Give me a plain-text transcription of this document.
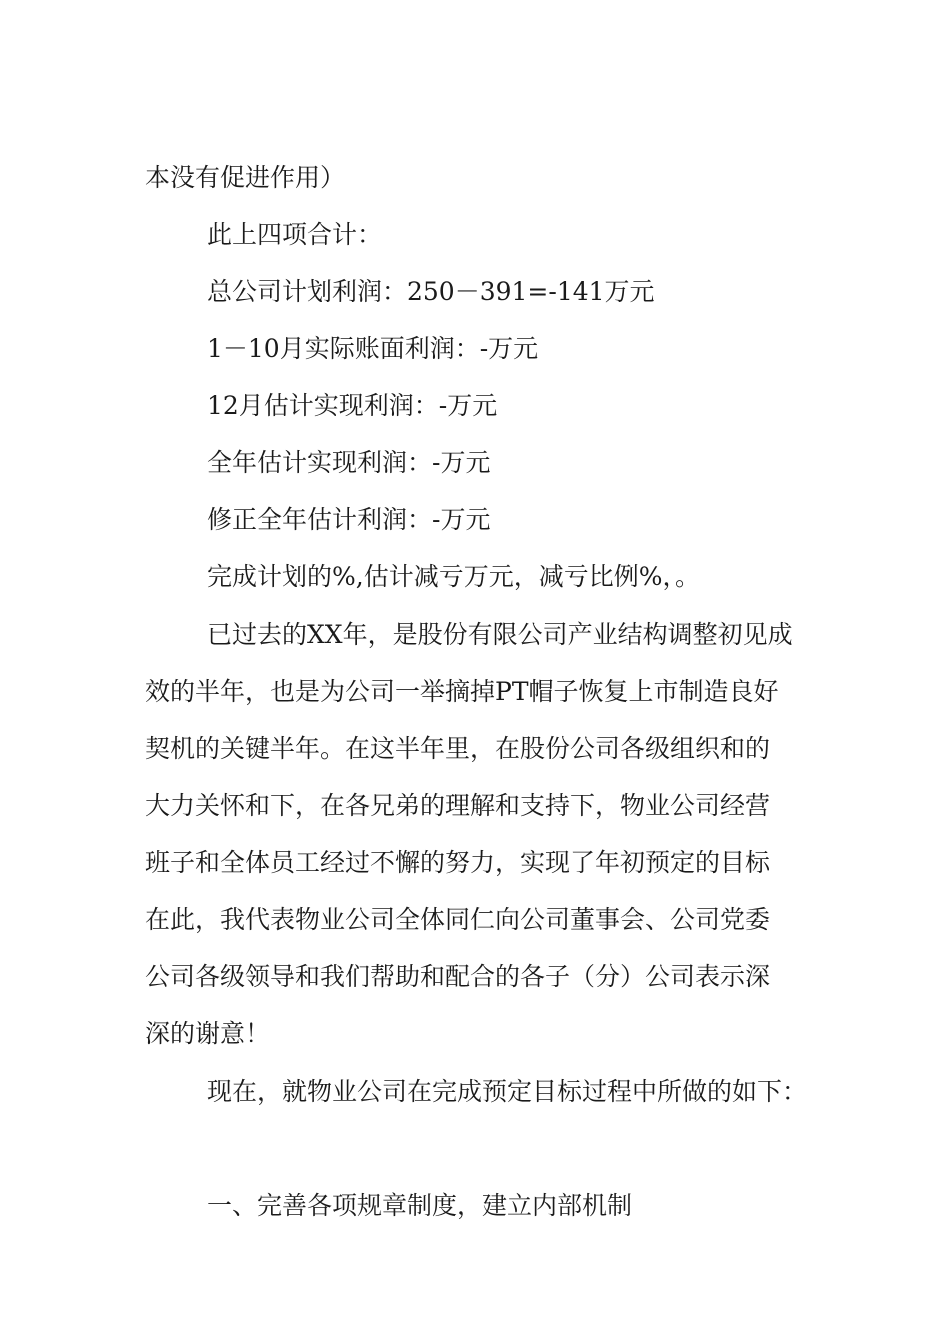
本没有促进作用）

此上四项合计：

总公司计划利润：250－391=-141万元

1－10月实际账面利润：-万元

12月估计实现利润：-万元

全年估计实现利润：-万元

修正全年估计利润：-万元

完成计划的%,估计减亏万元，减亏比例%，。

已过去的XX年，是股份有限公司产业结构调整初见成

效的半年，也是为公司一举摘掉PT帽子恢复上市制造良好

契机的关键半年。在这半年里，在股份公司各级组织和的

大力关怀和下，在各兄弟的理解和支持下，物业公司经营

班子和全体员工经过不懈的努力，实现了年初预定的目标

在此，我代表物业公司全体同仁向公司董事会、公司党委

公司各级领导和我们帮助和配合的各子（分）公司表示深

深的谢意！

现在，就物业公司在完成预定目标过程中所做的如下：

一、完善各项规章制度，建立内部机制
